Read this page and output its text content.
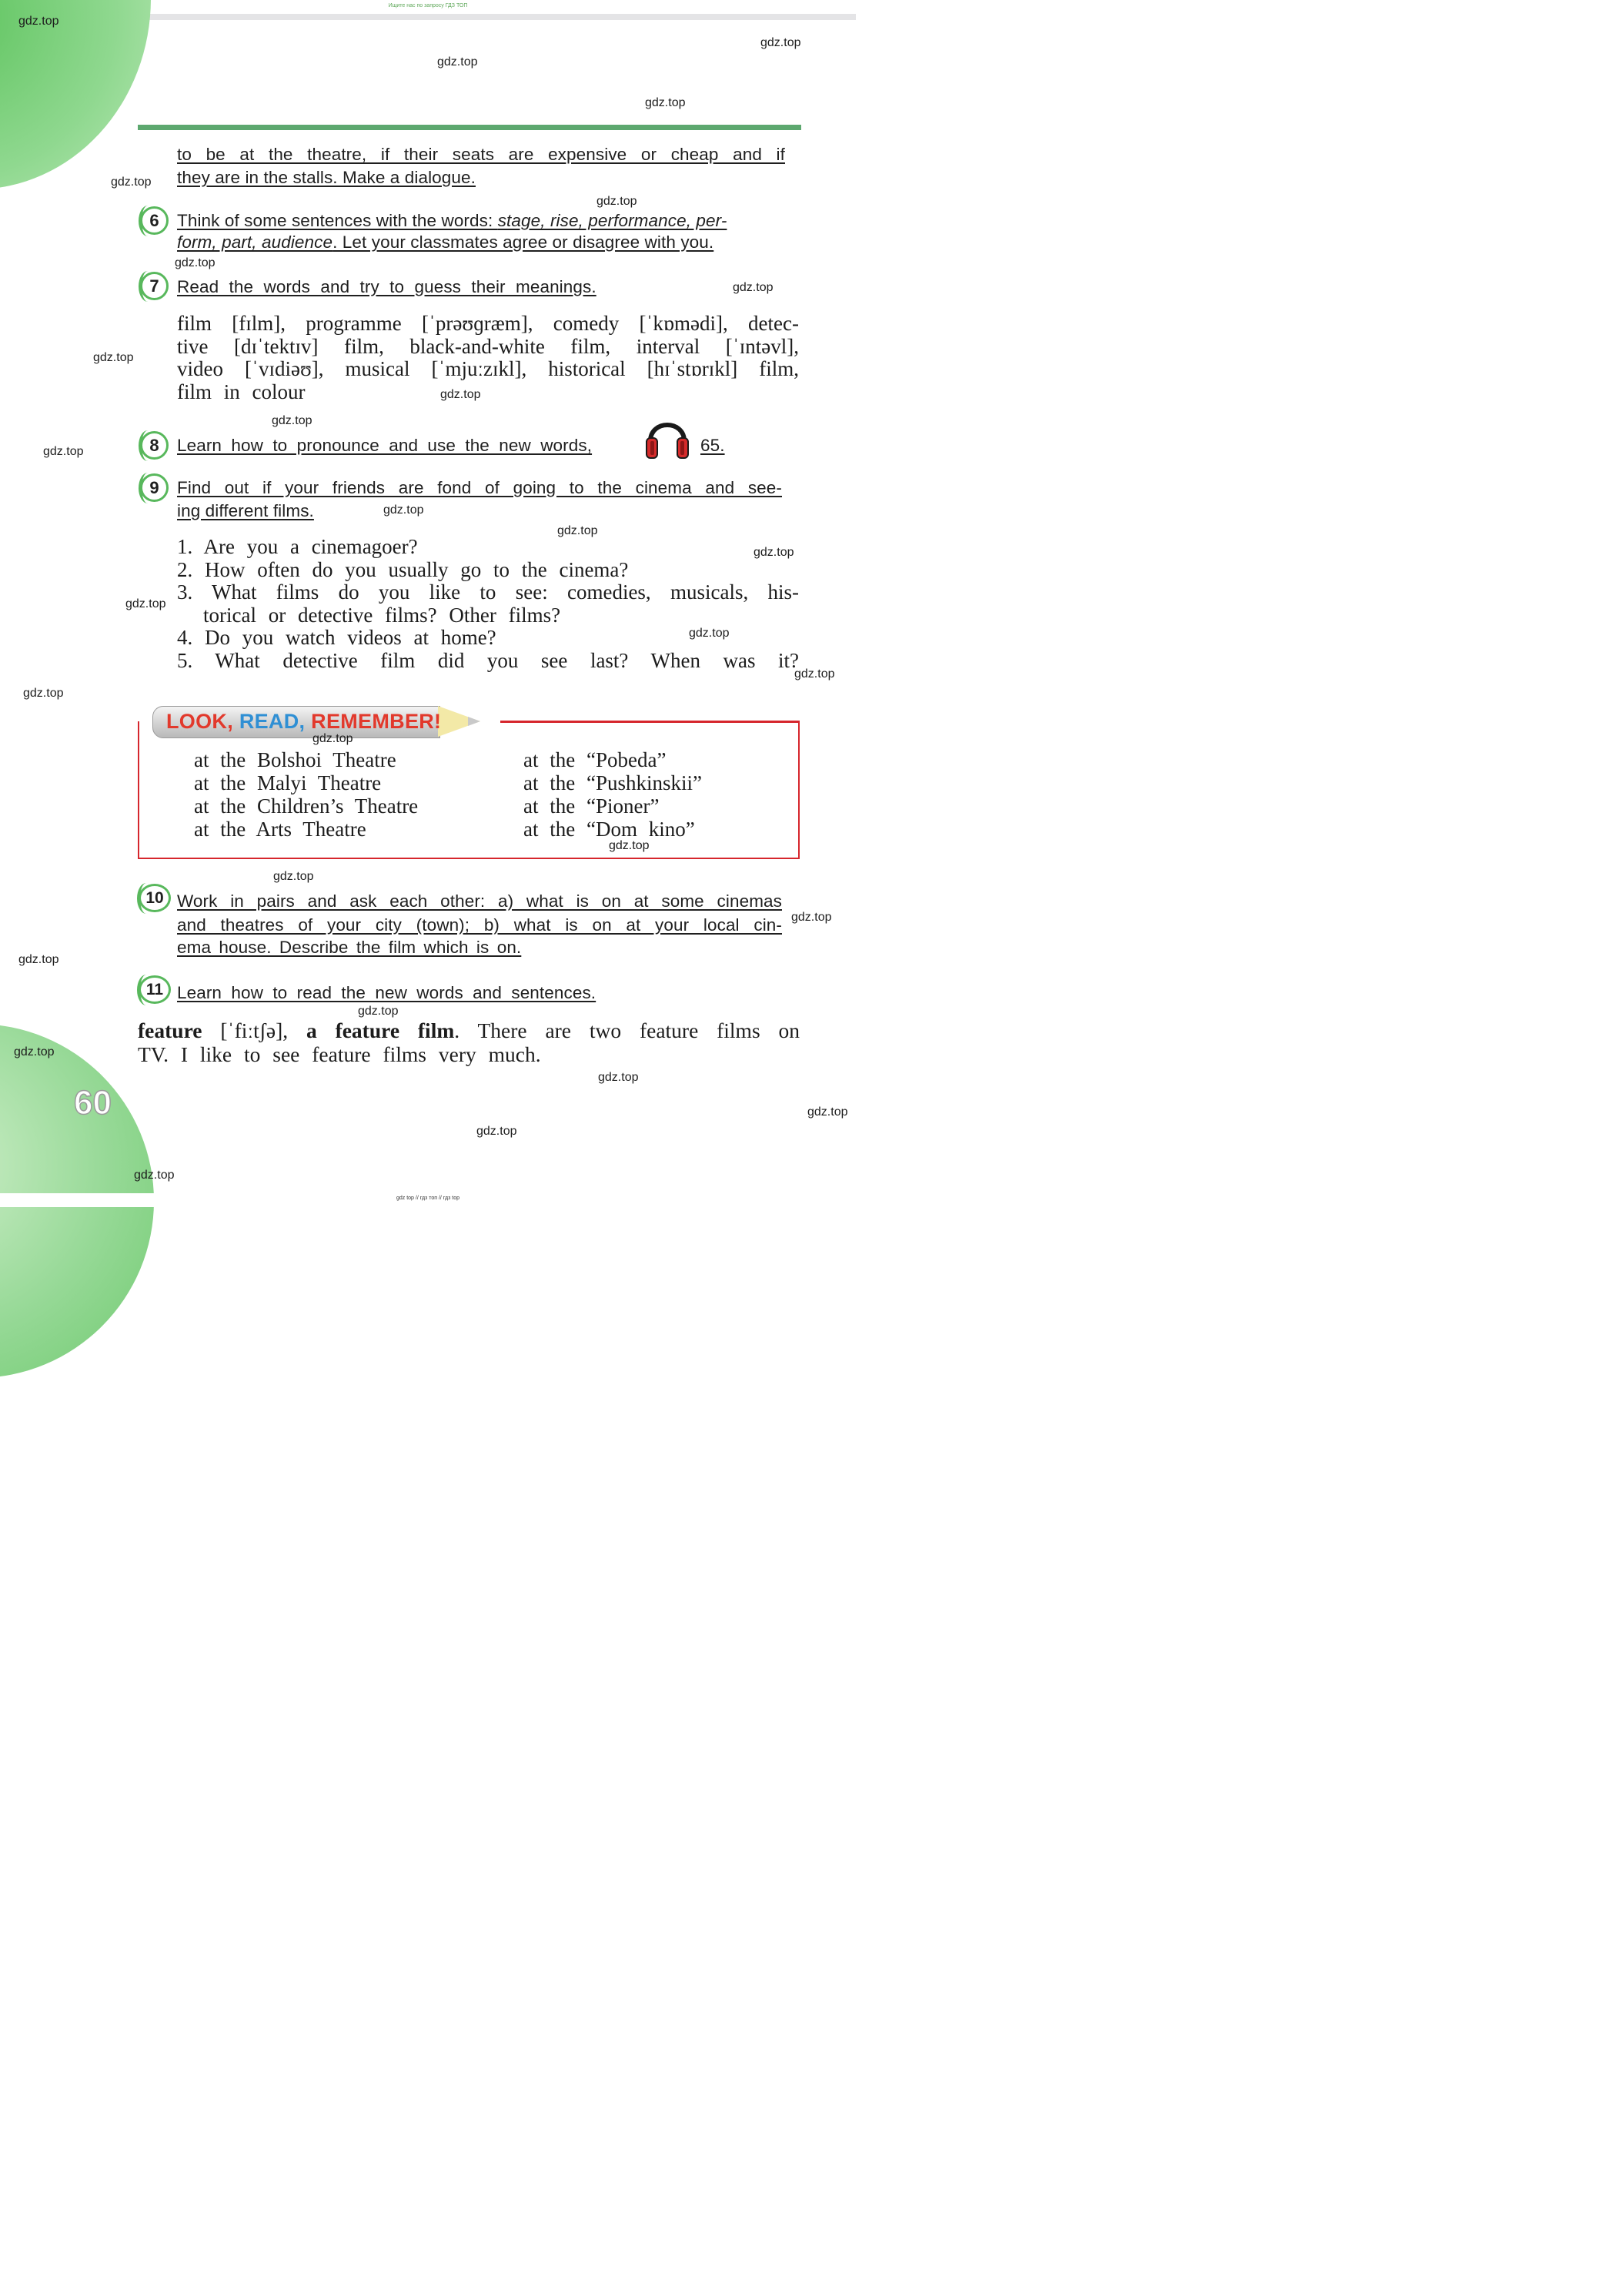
Ищите нас по запросу ГДЗ ТОП
to be at the theatre, if their seats are expensive or cheap and if
they are in the stalls. Make a dialogue.
6 Think of some sentences with the words: stage, rise, performance, per-
form, part, audience. Let your classmates agree or disagree with you.
7 Read the words and try to guess their meanings.
film [fɪlm], programme [ˈprəʊɡræm], comedy [ˈkɒmədi], detec-
tive [dɪˈtektɪv] film, black-and-white film, interval [ˈɪntəvl],
video [ˈvɪdiəʊ], musical [ˈmjuːzɪkl], historical [hɪˈstɒrɪkl] film,
film in colour
8 Learn how to pronounce and use the new words,	65.
9 Find out if your friends are fond of going to the cinema and see-
ing different films.
1. Are you a cinemagoer?
2. How often do you usually go to the cinema?
3. What films do you like to see: comedies, musicals, his-
torical or detective films? Other films?
4. Do you watch videos at home?
5. What detective film did you see last? When was it?
LOOK, READ, REMEMBER!
at the Bolshoi Theatre
at the Malyi Theatre
at the Children’s Theatre
at the Arts Theatre
at the “Pobeda”
at the “Pushkinskii”
at the “Pioner”
at the “Dom kino”
10 Work in pairs and ask each other: a) what is on at some cinemas
and theatres of your city (town); b) what is on at your local cin-
ema house. Describe the film which is on.
11 Learn how to read the new words and sentences.
feature [ˈfiːtʃə], a feature film. There are two feature films on
TV. I like to see feature films very much.
60
gdz.top
gdz.top
gdz.top
gdz.top
gdz.top
gdz.top
gdz.top
gdz.top
gdz.top
gdz.top
gdz.top
gdz.top
gdz.top
gdz.top
gdz.top
gdz.top
gdz.top
gdz.top
gdz.top
gdz.top
gdz.top
gdz.top
gdz.top
gdz.top
gdz.top
gdz.top
gdz.top
gdz.top
gdz.top
gdz.top
gdz top // гдз топ // гдз top
